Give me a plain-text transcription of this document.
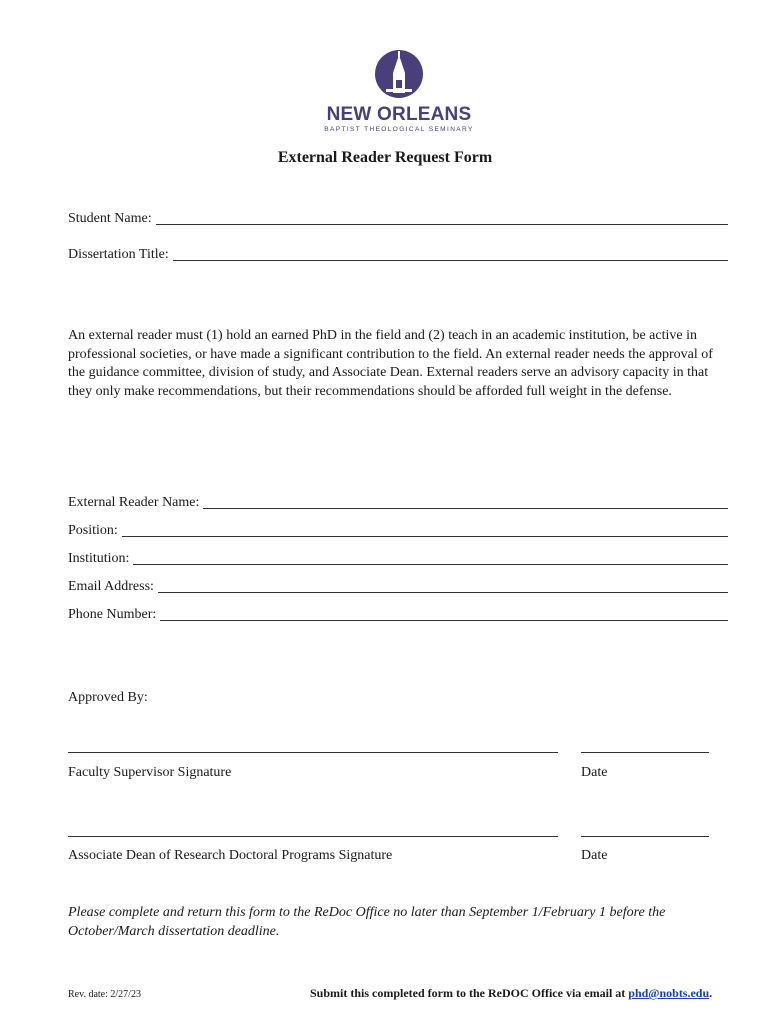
NEW ORLEANS
BAPTIST THEOLOGICAL SEMINARY
External Reader Request Form
Student Name:
Dissertation Title:
An external reader must (1) hold an earned PhD in the field and (2) teach in an academic institution, be active in professional societies, or have made a significant contribution to the field. An external reader needs the approval of the guidance committee, division of study, and Associate Dean. External readers serve an advisory capacity in that they only make recommendations, but their recommendations should be afforded full weight in the defense.
External Reader Name:
Position:
Institution:
Email Address:
Phone Number:
Approved By:
Faculty Supervisor Signature	Date
Associate Dean of Research Doctoral Programs Signature	Date
Please complete and return this form to the ReDoc Office no later than September 1/February 1 before the October/March dissertation deadline.
Rev. date: 2/27/23	Submit this completed form to the ReDOC Office via email at phd@nobts.edu.
